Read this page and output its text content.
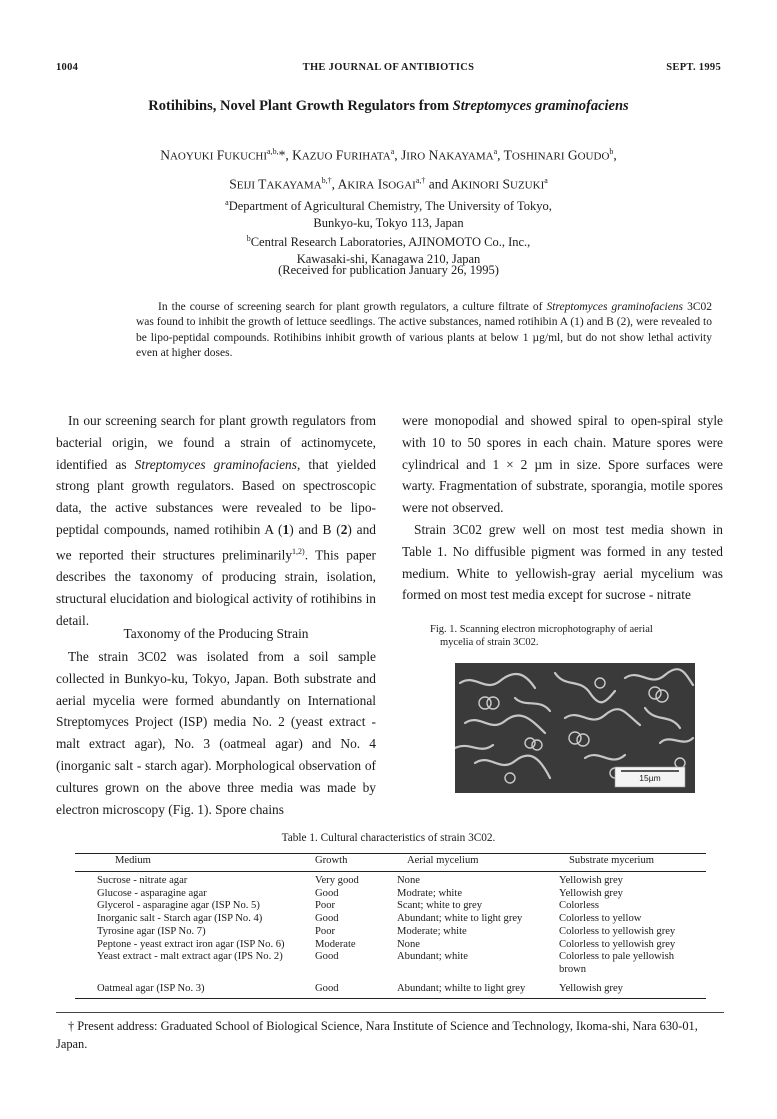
1004	THE JOURNAL OF ANTIBIOTICS	SEPT. 1995
Rotihibins, Novel Plant Growth Regulators from Streptomyces graminofaciens
NAOYUKI $FUKUCHI^{a,b,}*$, KAZUO FURIHATA$^a$, JIRO NAKAYAMA$^a$, TOSHINARI GOUDO$^b$,
SEIJI $TAKAYAMA^{b,\dagger}$, AKIRA $ISOGAI^{a,\dagger}$ and AKINORI SUZUKI$^a$
$^a$Department of Agricultural Chemistry, The University of Tokyo,
Bunkyo-ku, Tokyo 113, Japan
$^b$Central Research Laboratories, AJINOMOTO Co., Inc.,
Kawasaki-shi, Kanagawa 210, Japan
(Received for publication January 26, 1995)
In the course of screening search for plant growth regulators, a culture filtrate of Streptomyces graminofaciens 3C02 was found to inhibit the growth of lettuce seedlings. The active substances, named rotihibin A (1) and B (2), were revealed to be lipo-peptidal compounds. Rotihibins inhibit growth of various plants at below 1 µg/ml, but do not show lethal activity even at higher doses.

In our screening search for plant growth regulators from bacterial origin, we found a strain of actinomycete, identified as Streptomyces graminofaciens, that yielded strong plant growth regulators. Based on spectroscopic data, the active substances were revealed to be lipo-peptidal compounds, named rotihibin A (1) and B (2) and we reported their structures preliminarily$^{1,2)}$. This paper describes the taxonomy of producing strain, isolation, structural elucidation and biological activity of rotihibins in detail.

Taxonomy of the Producing Strain

The strain 3C02 was isolated from a soil sample collected in Bunkyo-ku, Tokyo, Japan. Both substrate and aerial mycelia were formed abundantly on International Streptomyces Project (ISP) media No. 2 (yeast extract - malt extract agar), No. 3 (oatmeal agar) and No. 4 (inorganic salt - starch agar). Morphological observation of cultures grown on the above three media was made by electron microscopy (Fig. 1). Spore chains

were monopodial and showed spiral to open-spiral style with 10 to 50 spores in each chain. Mature spores were cylindrical and 1 × 2 µm in size. Spore surfaces were warty. Fragmentation of substrate, sporangia, motile spores were not observed.

Strain 3C02 grew well on most test media shown in Table 1. No diffusible pigment was formed in any tested medium. White to yellowish-gray aerial mycelium was formed on most test media except for sucrose - nitrate

Fig. 1. Scanning electron microphotography of aerial
mycelia of strain 3C02.
15µm
Table 1. Cultural characteristics of strain 3C02.
Medium	Growth	Aerial mycelium	Substrate mycerium
Sucrose - nitrate agar	Very good	None	Yellowish grey
Glucose - asparagine agar	Good	Modrate; white	Yellowish grey
Glycerol - asparagine agar (ISP No. 5)	Poor	Scant; white to grey	Colorless
Inorganic salt - Starch agar (ISP No. 4)	Good	Abundant; white to light grey	Colorless to yellow
Tyrosine agar (ISP No. 7)	Poor	Moderate; white	Colorless to yellowish grey
Peptone - yeast extract iron agar (ISP No. 6)	Moderate	None	Colorless to yellowish grey
Yeast extract - malt extract agar (IPS No. 2)	Good	Abundant; white	Colorless to pale yellowish brown
Oatmeal agar (ISP No. 3)	Good	Abundant; whilte to light grey	Yellowish grey
† Present address: Graduated School of Biological Science, Nara Institute of Science and Technology, Ikoma-shi, Nara 630-01,
Japan.
